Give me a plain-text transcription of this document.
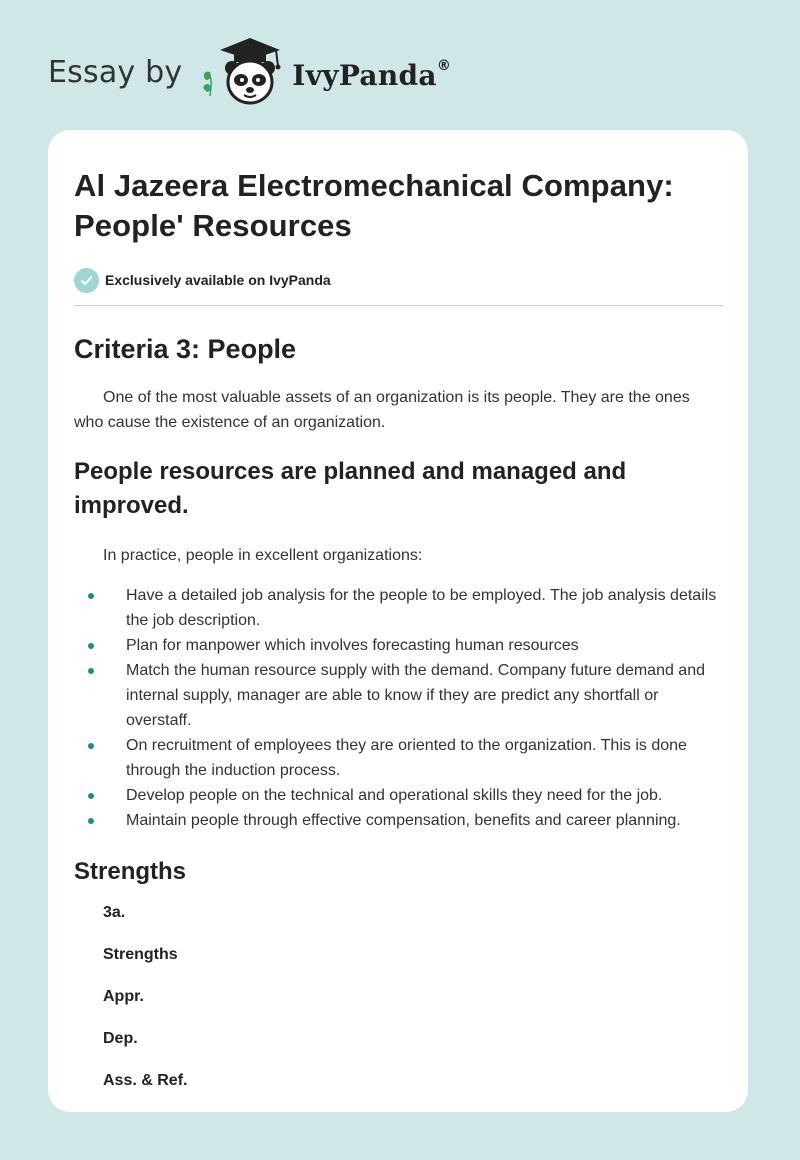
Essay by	IvyPanda®
Al Jazeera Electromechanical Company:
People' Resources
Exclusively available on IvyPanda
Criteria 3: People

One of the most valuable assets of an organization is its people. They are the ones who cause the existence of an organization.

People resources are planned and managed and improved.

In practice, people in excellent organizations:

Have a detailed job analysis for the people to be employed. The job analysis details the job description.
Plan for manpower which involves forecasting human resources
Match the human resource supply with the demand. Company future demand and internal supply, manager are able to know if they are predict any shortfall or overstaff.
On recruitment of employees they are oriented to the organization. This is done through the induction process.
Develop people on the technical and operational skills they need for the job.
Maintain people through effective compensation, benefits and career planning.
Strengths
3a.
Strengths
Appr.
Dep.
Ass. & Ref.
